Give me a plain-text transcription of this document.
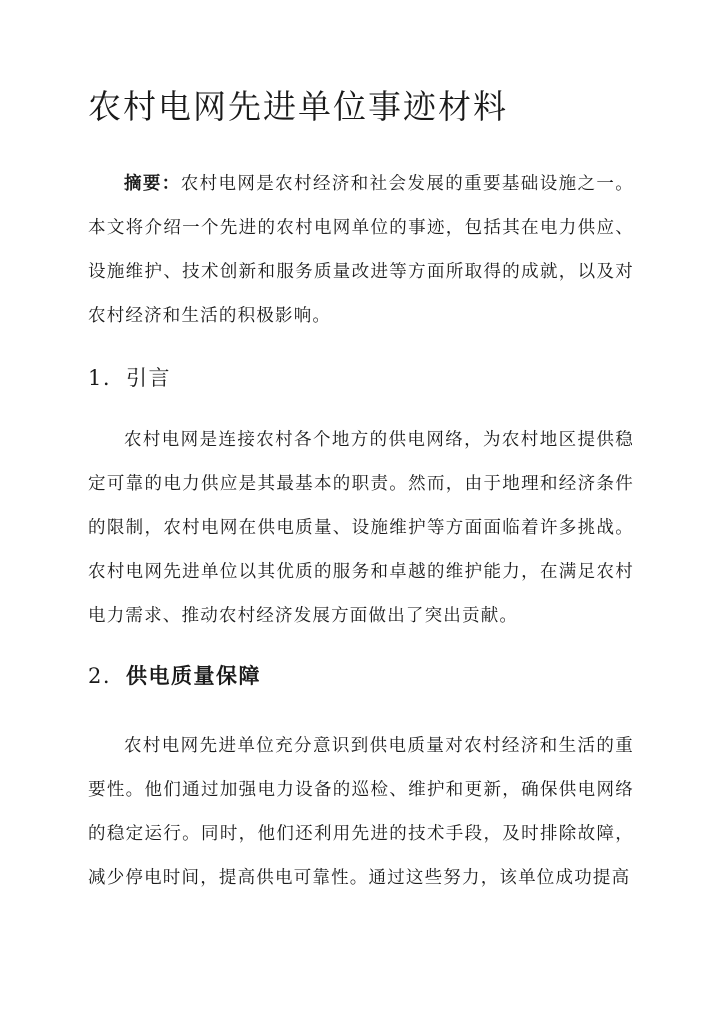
农村电网先进单位事迹材料

摘要：农村电网是农村经济和社会发展的重要基础设施之一。本文将介绍一个先进的农村电网单位的事迹，包括其在电力供应、设施维护、技术创新和服务质量改进等方面所取得的成就，以及对农村经济和生活的积极影响。

1. 引言

农村电网是连接农村各个地方的供电网络，为农村地区提供稳定可靠的电力供应是其最基本的职责。然而，由于地理和经济条件的限制，农村电网在供电质量、设施维护等方面面临着许多挑战。农村电网先进单位以其优质的服务和卓越的维护能力，在满足农村电力需求、推动农村经济发展方面做出了突出贡献。

2. 供电质量保障

农村电网先进单位充分意识到供电质量对农村经济和生活的重要性。他们通过加强电力设备的巡检、维护和更新，确保供电网络的稳定运行。同时，他们还利用先进的技术手段，及时排除故障，减少停电时间，提高供电可靠性。通过这些努力，该单位成功提高
